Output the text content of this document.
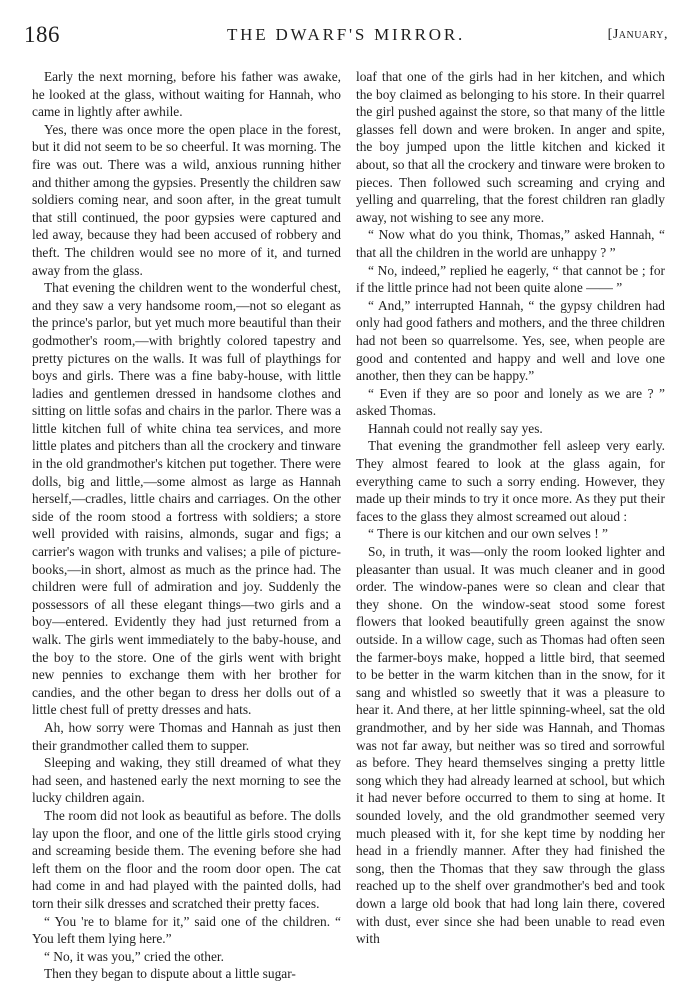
186	THE DWARF'S MIRROR.	[January,

Early the next morning, before his father was awake, he looked at the glass, without waiting for Hannah, who came in lightly after awhile.

Yes, there was once more the open place in the forest, but it did not seem to be so cheerful. It was morning. The fire was out. There was a wild, anxious running hither and thither among the gypsies. Presently the children saw soldiers coming near, and soon after, in the great tumult that still continued, the poor gypsies were captured and led away, because they had been accused of robbery and theft. The children would see no more of it, and turned away from the glass.

That evening the children went to the wonderful chest, and they saw a very handsome room,—not so elegant as the prince's parlor, but yet much more beautiful than their godmother's room,—with brightly colored tapestry and pretty pictures on the walls. It was full of playthings for boys and girls. There was a fine baby-house, with little ladies and gentlemen dressed in handsome clothes and sitting on little sofas and chairs in the parlor. There was a little kitchen full of white china tea services, and more little plates and pitchers than all the crockery and tinware in the old grandmother's kitchen put together. There were dolls, big and little,—some almost as large as Hannah herself,—cradles, little chairs and carriages. On the other side of the room stood a fortress with soldiers; a store well provided with raisins, almonds, sugar and figs; a carrier's wagon with trunks and valises; a pile of picture-books,—in short, almost as much as the prince had. The children were full of admiration and joy. Suddenly the possessors of all these elegant things—two girls and a boy—entered. Evidently they had just returned from a walk. The girls went immediately to the baby-house, and the boy to the store. One of the girls went with bright new pennies to exchange them with her brother for candies, and the other began to dress her dolls out of a little chest full of pretty dresses and hats.

Ah, how sorry were Thomas and Hannah as just then their grandmother called them to supper.

Sleeping and waking, they still dreamed of what they had seen, and hastened early the next morning to see the lucky children again.

The room did not look as beautiful as before. The dolls lay upon the floor, and one of the little girls stood crying and screaming beside them. The evening before she had left them on the floor and the room door open. The cat had come in and had played with the painted dolls, had torn their silk dresses and scratched their pretty faces.

“ You 're to blame for it,” said one of the children. “ You left them lying here.”

“ No, it was you,” cried the other.

Then they began to dispute about a little sugar-

loaf that one of the girls had in her kitchen, and which the boy claimed as belonging to his store. In their quarrel the girl pushed against the store, so that many of the little glasses fell down and were broken. In anger and spite, the boy jumped upon the little kitchen and kicked it about, so that all the crockery and tinware were broken to pieces. Then followed such screaming and crying and yelling and quarreling, that the forest children ran gladly away, not wishing to see any more.

“ Now what do you think, Thomas,” asked Hannah, “ that all the children in the world are unhappy ? ”

“ No, indeed,” replied he eagerly, “ that cannot be ; for if the little prince had not been quite alone —— ”

“ And,” interrupted Hannah, “ the gypsy children had only had good fathers and mothers, and the three children had not been so quarrelsome. Yes, see, when people are good and contented and happy and well and love one another, then they can be happy.”

“ Even if they are so poor and lonely as we are ? ” asked Thomas.

Hannah could not really say yes.

That evening the grandmother fell asleep very early. They almost feared to look at the glass again, for everything came to such a sorry ending. However, they made up their minds to try it once more. As they put their faces to the glass they almost screamed out aloud :

“ There is our kitchen and our own selves ! ”

So, in truth, it was—only the room looked lighter and pleasanter than usual. It was much cleaner and in good order. The window-panes were so clean and clear that they shone. On the window-seat stood some forest flowers that looked beautifully green against the snow outside. In a willow cage, such as Thomas had often seen the farmer-boys make, hopped a little bird, that seemed to be better in the warm kitchen than in the snow, for it sang and whistled so sweetly that it was a pleasure to hear it. And there, at her little spinning-wheel, sat the old grandmother, and by her side was Hannah, and Thomas was not far away, but neither was so tired and sorrowful as before. They heard themselves singing a pretty little song which they had already learned at school, but which it had never before occurred to them to sing at home. It sounded lovely, and the old grandmother seemed very much pleased with it, for she kept time by nodding her head in a friendly manner. After they had finished the song, then the Thomas that they saw through the glass reached up to the shelf over grandmother's bed and took down a large old book that had long lain there, covered with dust, ever since she had been unable to read even with
